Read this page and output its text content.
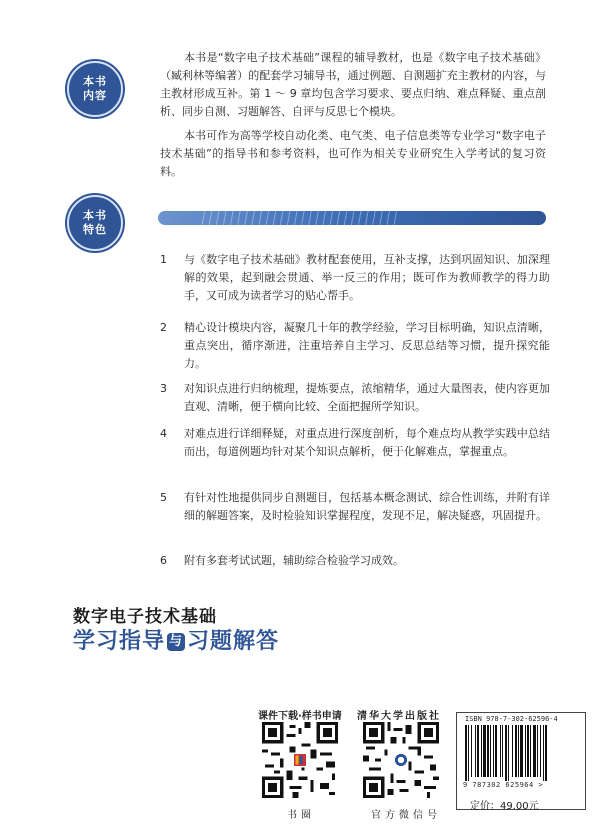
本书
内容
本书
特色

本书是“数字电子技术基础”课程的辅导教材，也是《数字电子技术基础》（臧利林等编著）的配套学习辅导书，通过例题、自测题扩充主教材的内容，与主教材形成互补。第 1 ～ 9 章均包含学习要求、要点归纳、难点释疑、重点剖析、同步自测、习题解答、自评与反思七个模块。

本书可作为高等学校自动化类、电气类、电子信息类等专业学习“数字电子技术基础”的指导书和参考资料，也可作为相关专业研究生入学考试的复习资料。

1	与《数字电子技术基础》教材配套使用，互补支撑，达到巩固知识、加深理解的效果，起到融会贯通、举一反三的作用；既可作为教师教学的得力助手，又可成为读者学习的贴心帮手。
2	精心设计模块内容，凝聚几十年的教学经验，学习目标明确，知识点清晰，重点突出，循序渐进，注重培养自主学习、反思总结等习惯，提升探究能力。
3	对知识点进行归纳梳理，提炼要点，浓缩精华，通过大量图表，使内容更加直观、清晰，便于横向比较、全面把握所学知识。
4	对难点进行详细释疑，对重点进行深度剖析，每个难点均从教学实践中总结而出，每道例题均针对某个知识点解析，便于化解难点，掌握重点。
5	有针对性地提供同步自测题目，包括基本概念测试、综合性训练，并附有详细的解题答案，及时检验知识掌握程度，发现不足，解决疑惑，巩固提升。
6	附有多套考试试题，辅助综合检验学习成效。
数字电子技术基础
学习指导 与 习题解答
课件下载·样书申请
书圈
清华大学出版社
官方微信号
ISBN 978-7-302-62596-4
9 787302 625964 >
定价：49.00元
